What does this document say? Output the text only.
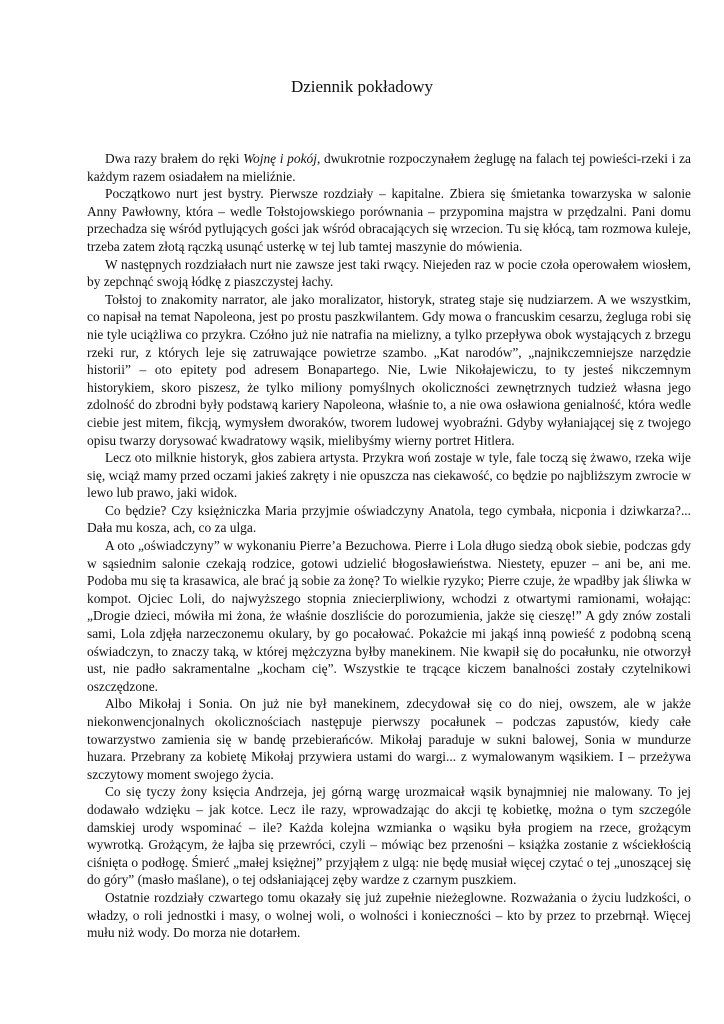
Dziennik pokładowy

Dwa razy brałem do ręki Wojnę i pokój, dwukrotnie rozpoczynałem żeglugę na falach tej powieści-rzeki i za każdym razem osiadałem na mieliźnie.

Początkowo nurt jest bystry. Pierwsze rozdziały – kapitalne. Zbiera się śmietanka towarzyska w salonie Anny Pawłowny, która – wedle Tołstojowskiego porównania – przypomina majstra w przędzalni. Pani domu przechadza się wśród pytlujących gości jak wśród obracających się wrzecion. Tu się kłócą, tam rozmowa kuleje, trzeba zatem złotą rączką usunąć usterkę w tej lub tamtej maszynie do mówienia.

W następnych rozdziałach nurt nie zawsze jest taki rwący. Niejeden raz w pocie czoła operowałem wiosłem, by zepchnąć swoją łódkę z piaszczystej łachy.

Tołstoj to znakomity narrator, ale jako moralizator, historyk, strateg staje się nudziarzem. A we wszystkim, co napisał na temat Napoleona, jest po prostu paszkwilantem. Gdy mowa o francuskim cesarzu, żegluga robi się nie tyle uciążliwa co przykra. Czółno już nie natrafia na mielizny, a tylko przepływa obok wystających z brzegu rzeki rur, z których leje się zatruwające powietrze szambo. „Kat narodów”, „najnikczemniejsze narzędzie historii” – oto epitety pod adresem Bonapartego. Nie, Lwie Nikołajewiczu, to ty jesteś nikczemnym historykiem, skoro piszesz, że tylko miliony pomyślnych okoliczności zewnętrznych tudzież własna jego zdolność do zbrodni były podstawą kariery Napoleona, właśnie to, a nie owa osławiona genialność, która wedle ciebie jest mitem, fikcją, wymysłem dworaków, tworem ludowej wyobraźni. Gdyby wyłaniającej się z twojego opisu twarzy dorysować kwadratowy wąsik, mielibyśmy wierny portret Hitlera.

Lecz oto milknie historyk, głos zabiera artysta. Przykra woń zostaje w tyle, fale toczą się żwawo, rzeka wije się, wciąż mamy przed oczami jakieś zakręty i nie opuszcza nas ciekawość, co będzie po najbliższym zwrocie w lewo lub prawo, jaki widok.

Co będzie? Czy księżniczka Maria przyjmie oświadczyny Anatola, tego cymbała, nicponia i dziwkarza?... Dała mu kosza, ach, co za ulga.

A oto „oświadczyny” w wykonaniu Pierre’a Bezuchowa. Pierre i Lola długo siedzą obok siebie, podczas gdy w sąsiednim salonie czekają rodzice, gotowi udzielić błogosławieństwa. Niestety, epuzer – ani be, ani me. Podoba mu się ta krasawica, ale brać ją sobie za żonę? To wielkie ryzyko; Pierre czuje, że wpadłby jak śliwka w kompot. Ojciec Loli, do najwyższego stopnia zniecierpliwiony, wchodzi z otwartymi ramionami, wołając: „Drogie dzieci, mówiła mi żona, że właśnie doszliście do porozumienia, jakże się cieszę!” A gdy znów zostali sami, Lola zdjęła narzeczonemu okulary, by go pocałować. Pokażcie mi jakąś inną powieść z podobną sceną oświadczyn, to znaczy taką, w której mężczyzna byłby manekinem. Nie kwapił się do pocałunku, nie otworzył ust, nie padło sakramentalne „kocham cię”. Wszystkie te trącące kiczem banalności zostały czytelnikowi oszczędzone.

Albo Mikołaj i Sonia. On już nie był manekinem, zdecydował się co do niej, owszem, ale w jakże niekonwencjonalnych okolicznościach następuje pierwszy pocałunek – podczas zapustów, kiedy całe towarzystwo zamienia się w bandę przebierańców. Mikołaj paraduje w sukni balowej, Sonia w mundurze huzara. Przebrany za kobietę Mikołaj przywiera ustami do wargi... z wymalowanym wąsikiem. I – przeżywa szczytowy moment swojego życia.

Co się tyczy żony księcia Andrzeja, jej górną wargę urozmaicał wąsik bynajmniej nie malowany. To jej dodawało wdzięku – jak kotce. Lecz ile razy, wprowadzając do akcji tę kobietkę, można o tym szczególe damskiej urody wspominać – ile? Każda kolejna wzmianka o wąsiku była progiem na rzece, grożącym wywrotką. Grożącym, że łajba się przewróci, czyli – mówiąc bez przenośni – książka zostanie z wściekłością ciśnięta o podłogę. Śmierć „małej księżnej” przyjąłem z ulgą: nie będę musiał więcej czytać o tej „unoszącej się do góry” (masło maślane), o tej odsłaniającej zęby wardze z czarnym puszkiem.

Ostatnie rozdziały czwartego tomu okazały się już zupełnie nieżeglowne. Rozważania o życiu ludzkości, o władzy, o roli jednostki i masy, o wolnej woli, o wolności i konieczności – kto by przez to przebrnął. Więcej mułu niż wody. Do morza nie dotarłem.
